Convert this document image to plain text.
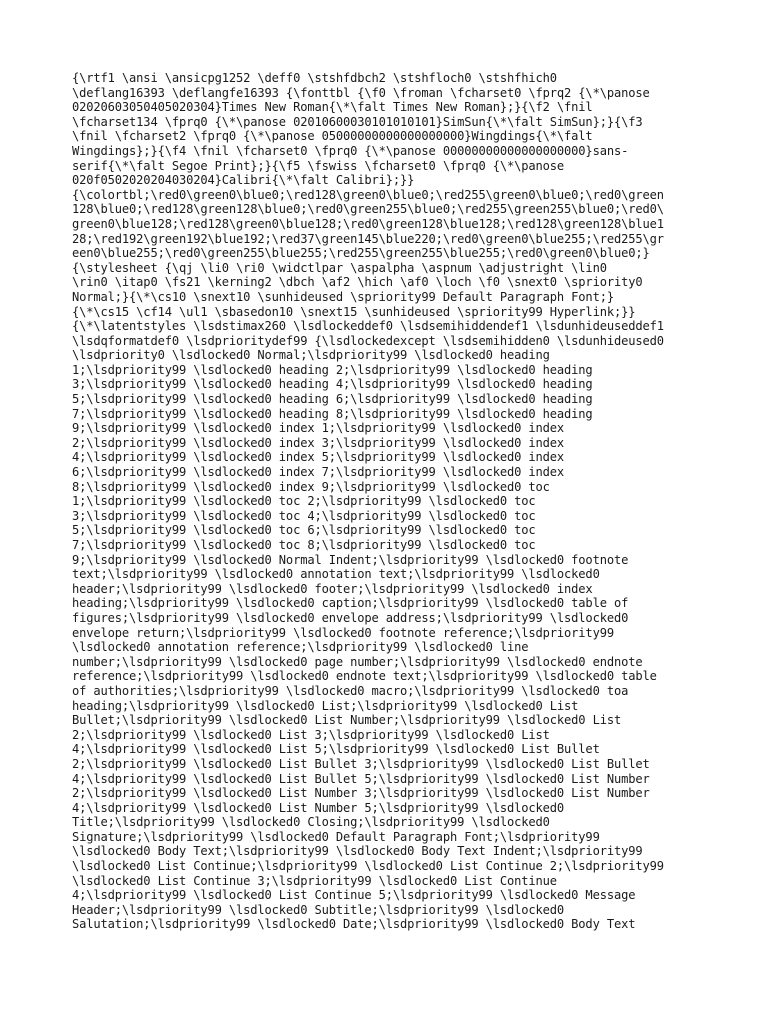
{\rtf1 \ansi \ansicpg1252 \deff0 \stshfdbch2 \stshfloch0 \stshfhich0
\deflang16393 \deflangfe16393 {\fonttbl {\f0 \froman \fcharset0 \fprq2 {\*\panose
02020603050405020304}Times New Roman{\*\falt Times New Roman};}{\f2 \fnil
\fcharset134 \fprq0 {\*\panose 02010600030101010101}SimSun{\*\falt SimSun};}{\f3
\fnil \fcharset2 \fprq0 {\*\panose 05000000000000000000}Wingdings{\*\falt
Wingdings};}{\f4 \fnil \fcharset0 \fprq0 {\*\panose 00000000000000000000}sans-
serif{\*\falt Segoe Print};}{\f5 \fswiss \fcharset0 \fprq0 {\*\panose
020f0502020204030204}Calibri{\*\falt Calibri};}}
{\colortbl;\red0\green0\blue0;\red128\green0\blue0;\red255\green0\blue0;\red0\green
128\blue0;\red128\green128\blue0;\red0\green255\blue0;\red255\green255\blue0;\red0\
green0\blue128;\red128\green0\blue128;\red0\green128\blue128;\red128\green128\blue1
28;\red192\green192\blue192;\red37\green145\blue220;\red0\green0\blue255;\red255\gr
een0\blue255;\red0\green255\blue255;\red255\green255\blue255;\red0\green0\blue0;}
{\stylesheet {\qj \li0 \ri0 \widctlpar \aspalpha \aspnum \adjustright \lin0
\rin0 \itap0 \fs21 \kerning2 \dbch \af2 \hich \af0 \loch \f0 \snext0 \spriority0
Normal;}{\*\cs10 \snext10 \sunhideused \spriority99 Default Paragraph Font;}
{\*\cs15 \cf14 \ul1 \sbasedon10 \snext15 \sunhideused \spriority99 Hyperlink;}}
{\*\latentstyles \lsdstimax260 \lsdlockeddef0 \lsdsemihiddendef1 \lsdunhideuseddef1
\lsdqformatdef0 \lsdprioritydef99 {\lsdlockedexcept \lsdsemihidden0 \lsdunhideused0
\lsdpriority0 \lsdlocked0 Normal;\lsdpriority99 \lsdlocked0 heading
1;\lsdpriority99 \lsdlocked0 heading 2;\lsdpriority99 \lsdlocked0 heading
3;\lsdpriority99 \lsdlocked0 heading 4;\lsdpriority99 \lsdlocked0 heading
5;\lsdpriority99 \lsdlocked0 heading 6;\lsdpriority99 \lsdlocked0 heading
7;\lsdpriority99 \lsdlocked0 heading 8;\lsdpriority99 \lsdlocked0 heading
9;\lsdpriority99 \lsdlocked0 index 1;\lsdpriority99 \lsdlocked0 index
2;\lsdpriority99 \lsdlocked0 index 3;\lsdpriority99 \lsdlocked0 index
4;\lsdpriority99 \lsdlocked0 index 5;\lsdpriority99 \lsdlocked0 index
6;\lsdpriority99 \lsdlocked0 index 7;\lsdpriority99 \lsdlocked0 index
8;\lsdpriority99 \lsdlocked0 index 9;\lsdpriority99 \lsdlocked0 toc
1;\lsdpriority99 \lsdlocked0 toc 2;\lsdpriority99 \lsdlocked0 toc
3;\lsdpriority99 \lsdlocked0 toc 4;\lsdpriority99 \lsdlocked0 toc
5;\lsdpriority99 \lsdlocked0 toc 6;\lsdpriority99 \lsdlocked0 toc
7;\lsdpriority99 \lsdlocked0 toc 8;\lsdpriority99 \lsdlocked0 toc
9;\lsdpriority99 \lsdlocked0 Normal Indent;\lsdpriority99 \lsdlocked0 footnote
text;\lsdpriority99 \lsdlocked0 annotation text;\lsdpriority99 \lsdlocked0
header;\lsdpriority99 \lsdlocked0 footer;\lsdpriority99 \lsdlocked0 index
heading;\lsdpriority99 \lsdlocked0 caption;\lsdpriority99 \lsdlocked0 table of
figures;\lsdpriority99 \lsdlocked0 envelope address;\lsdpriority99 \lsdlocked0
envelope return;\lsdpriority99 \lsdlocked0 footnote reference;\lsdpriority99
\lsdlocked0 annotation reference;\lsdpriority99 \lsdlocked0 line
number;\lsdpriority99 \lsdlocked0 page number;\lsdpriority99 \lsdlocked0 endnote
reference;\lsdpriority99 \lsdlocked0 endnote text;\lsdpriority99 \lsdlocked0 table
of authorities;\lsdpriority99 \lsdlocked0 macro;\lsdpriority99 \lsdlocked0 toa
heading;\lsdpriority99 \lsdlocked0 List;\lsdpriority99 \lsdlocked0 List
Bullet;\lsdpriority99 \lsdlocked0 List Number;\lsdpriority99 \lsdlocked0 List
2;\lsdpriority99 \lsdlocked0 List 3;\lsdpriority99 \lsdlocked0 List
4;\lsdpriority99 \lsdlocked0 List 5;\lsdpriority99 \lsdlocked0 List Bullet
2;\lsdpriority99 \lsdlocked0 List Bullet 3;\lsdpriority99 \lsdlocked0 List Bullet
4;\lsdpriority99 \lsdlocked0 List Bullet 5;\lsdpriority99 \lsdlocked0 List Number
2;\lsdpriority99 \lsdlocked0 List Number 3;\lsdpriority99 \lsdlocked0 List Number
4;\lsdpriority99 \lsdlocked0 List Number 5;\lsdpriority99 \lsdlocked0
Title;\lsdpriority99 \lsdlocked0 Closing;\lsdpriority99 \lsdlocked0
Signature;\lsdpriority99 \lsdlocked0 Default Paragraph Font;\lsdpriority99
\lsdlocked0 Body Text;\lsdpriority99 \lsdlocked0 Body Text Indent;\lsdpriority99
\lsdlocked0 List Continue;\lsdpriority99 \lsdlocked0 List Continue 2;\lsdpriority99
\lsdlocked0 List Continue 3;\lsdpriority99 \lsdlocked0 List Continue
4;\lsdpriority99 \lsdlocked0 List Continue 5;\lsdpriority99 \lsdlocked0 Message
Header;\lsdpriority99 \lsdlocked0 Subtitle;\lsdpriority99 \lsdlocked0
Salutation;\lsdpriority99 \lsdlocked0 Date;\lsdpriority99 \lsdlocked0 Body Text
